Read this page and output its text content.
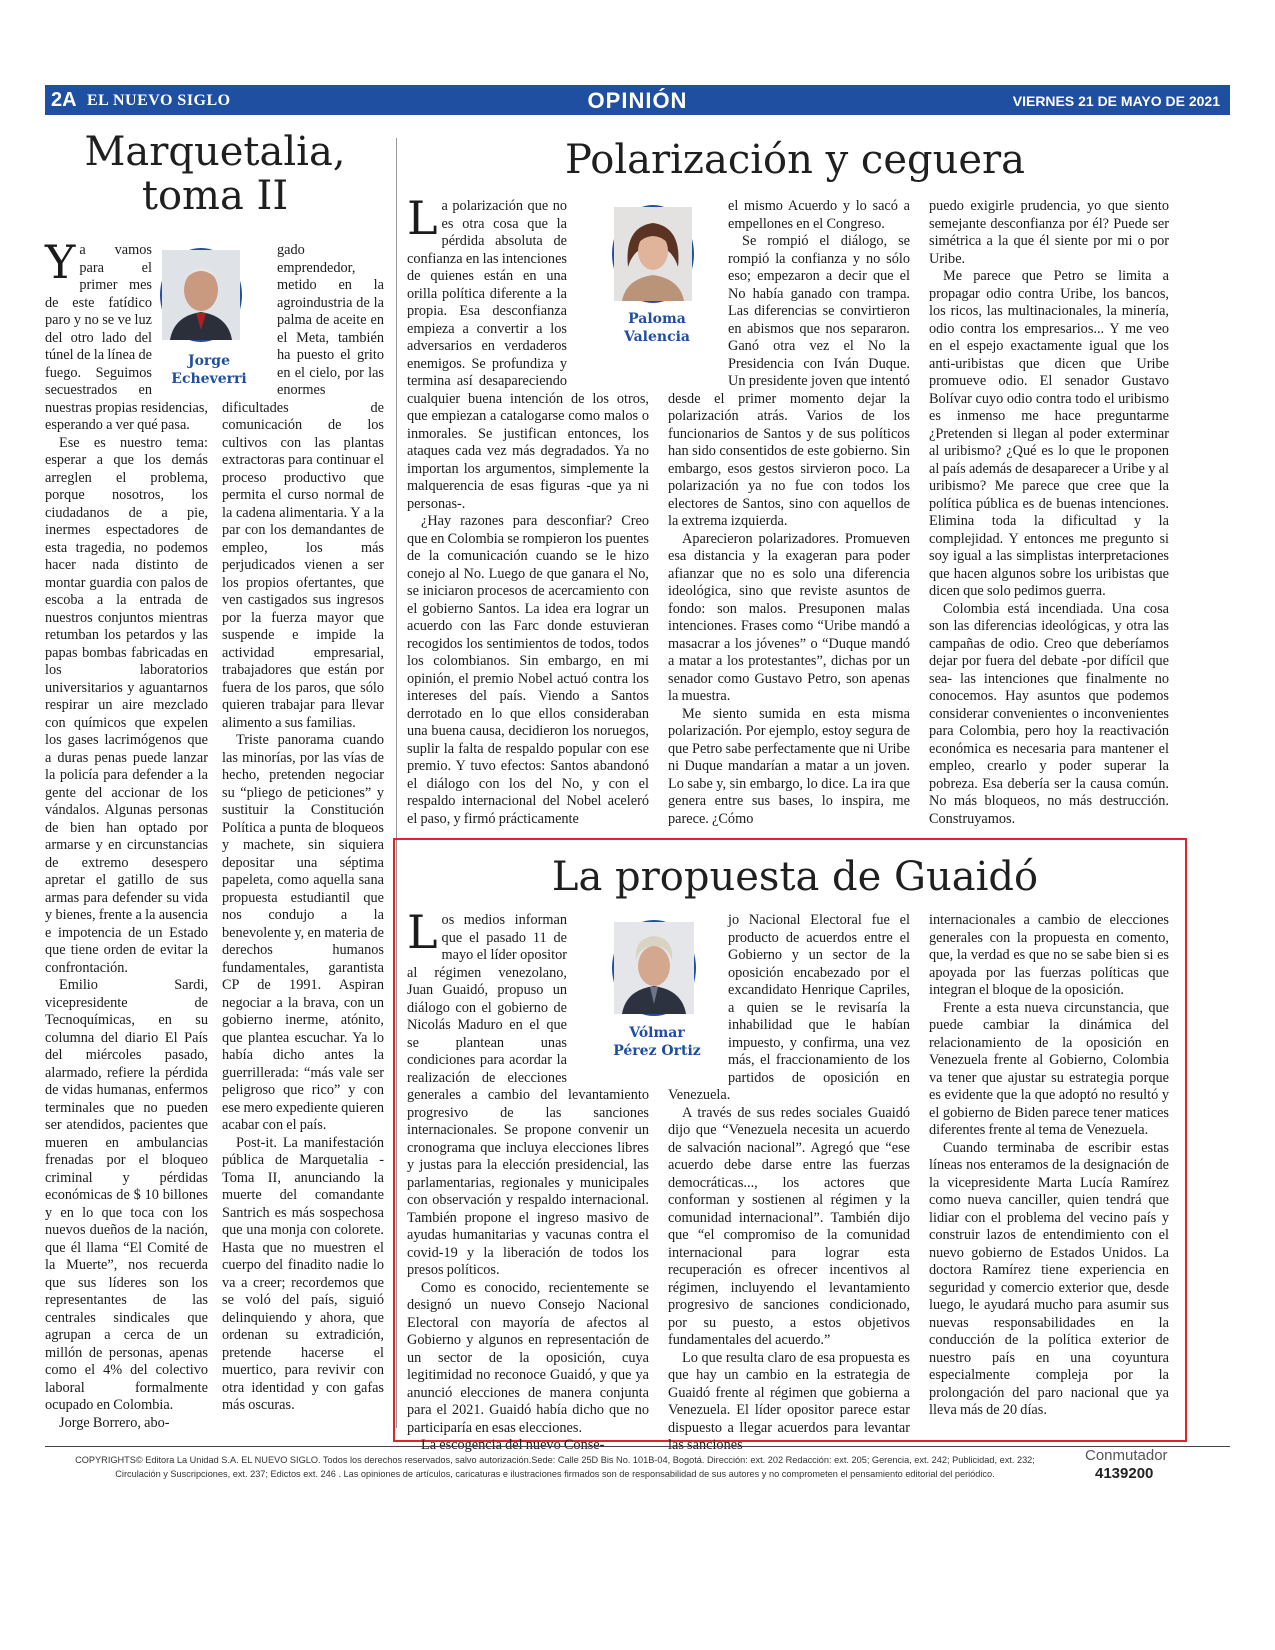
2A EL NUEVO SIGLO	OPINIÓN	VIERNES 21 DE MAYO DE 2021
Marquetalia,
toma II
Jorge
Echeverri
Y a vamos para el primer mes de este fatídico paro y no se ve luz del otro lado del túnel de la línea de fuego. Seguimos secuestrados en nuestras propias residencias, esperando a ver qué pasa.

Ese es nuestro tema: esperar a que los demás arreglen el problema, porque nosotros, los ciudadanos de a pie, inermes espectadores de esta tragedia, no podemos hacer nada distinto de montar guardia con palos de escoba a la entrada de nuestros conjuntos mientras retumban los petardos y las papas bombas fabricadas en los laboratorios universitarios y aguantarnos respirar un aire mezclado con químicos que expelen los gases lacrimógenos que a duras penas puede lanzar la policía para defender a la gente del accionar de los vándalos. Algunas personas de bien han optado por armarse y en circunstancias de extremo desespero apretar el gatillo de sus armas para defender su vida y bienes, frente a la ausencia e impotencia de un Estado que tiene orden de evitar la confrontación.

Emilio Sardi, vicepresidente de Tecnoquímicas, en su columna del diario El País del miércoles pasado, alarmado, refiere la pérdida de vidas humanas, enfermos terminales que no pueden ser atendidos, pacientes que mueren en ambulancias frenadas por el bloqueo criminal y pérdidas económicas de $ 10 billones y en lo que toca con los nuevos dueños de la nación, que él llama “El Comité de la Muerte”, nos recuerda que sus líderes son los representantes de las centrales sindicales que agrupan a cerca de un millón de personas, apenas como el 4% del colectivo laboral formalmente ocupado en Colombia.

Jorge Borrero, abo-

gado emprendedor, metido en la agroindustria de la palma de aceite en el Meta, también ha puesto el grito en el cielo, por las enormes dificultades de comunicación de los cultivos con las plantas extractoras para continuar el proceso productivo que permita el curso normal de la cadena alimentaria. Y a la par con los demandantes de empleo, los más perjudicados vienen a ser los propios ofertantes, que ven castigados sus ingresos por la fuerza mayor que suspende e impide la actividad empresarial, trabajadores que están por fuera de los paros, que sólo quieren trabajar para llevar alimento a sus familias.

Triste panorama cuando las minorías, por las vías de hecho, pretenden negociar su “pliego de peticiones” y sustituir la Constitución Política a punta de bloqueos y machete, sin siquiera depositar una séptima papeleta, como aquella sana propuesta estudiantil que nos condujo a la benevolente y, en materia de derechos humanos fundamentales, garantista CP de 1991. Aspiran negociar a la brava, con un gobierno inerme, atónito, que plantea escuchar. Ya lo había dicho antes la guerrillerada: “más vale ser peligroso que rico” y con ese mero expediente quieren acabar con el país.

Post-it. La manifestación pública de Marquetalia - Toma II, anunciando la muerte del comandante Santrich es más sospechosa que una monja con colorete. Hasta que no muestren el cuerpo del finadito nadie lo va a creer; recordemos que se voló del país, siguió delinquiendo y ahora, que ordenan su extradición, pretende hacerse el muertico, para revivir con otra identidad y con gafas más oscuras.

Polarización y ceguera
Paloma
Valencia
L a polarización que no es otra cosa que la pérdida absoluta de confianza en las intenciones de quienes están en una orilla política diferente a la propia. Esa desconfianza empieza a convertir a los adversarios en verdaderos enemigos. Se profundiza y termina así desapareciendo cualquier buena intención de los otros, que empiezan a catalogarse como malos o inmorales. Se justifican entonces, los ataques cada vez más degradados. Ya no importan los argumentos, simplemente la malquerencia de esas figuras -que ya ni personas-.

¿Hay razones para desconfiar? Creo que en Colombia se rompieron los puentes de la comunicación cuando se le hizo conejo al No. Luego de que ganara el No, se iniciaron procesos de acercamiento con el gobierno Santos. La idea era lograr un acuerdo con las Farc donde estuvieran recogidos los sentimientos de todos, todos los colombianos. Sin embargo, en mi opinión, el premio Nobel actuó contra los intereses del país. Viendo a Santos derrotado en lo que ellos consideraban una buena causa, decidieron los noruegos, suplir la falta de respaldo popular con ese premio. Y tuvo efectos: Santos abandonó el diálogo con los del No, y con el respaldo internacional del Nobel aceleró el paso, y firmó prácticamente

el mismo Acuerdo y lo sacó a empellones en el Congreso.

Se rompió el diálogo, se rompió la confianza y no sólo eso; empezaron a decir que el No había ganado con trampa. Las diferencias se convirtieron en abismos que nos separaron. Ganó otra vez el No la Presidencia con Iván Duque. Un presidente joven que intentó desde el primer momento dejar la polarización atrás. Varios de los funcionarios de Santos y de sus políticos han sido consentidos de este gobierno. Sin embargo, esos gestos sirvieron poco. La polarización ya no fue con todos los electores de Santos, sino con aquellos de la extrema izquierda.

Aparecieron polarizadores. Promueven esa distancia y la exageran para poder afianzar que no es solo una diferencia ideológica, sino que reviste asuntos de fondo: son malos. Presuponen malas intenciones. Frases como “Uribe mandó a masacrar a los jóvenes” o “Duque mandó a matar a los protestantes”, dichas por un senador como Gustavo Petro, son apenas la muestra.

Me siento sumida en esta misma polarización. Por ejemplo, estoy segura de que Petro sabe perfectamente que ni Uribe ni Duque mandarían a matar a un joven. Lo sabe y, sin embargo, lo dice. La ira que genera entre sus bases, lo inspira, me parece. ¿Cómo

puedo exigirle prudencia, yo que siento semejante desconfianza por él? Puede ser simétrica a la que él siente por mi o por Uribe.

Me parece que Petro se limita a propagar odio contra Uribe, los bancos, los ricos, las multinacionales, la minería, odio contra los empresarios... Y me veo en el espejo exactamente igual que los anti-uribistas que dicen que Uribe promueve odio. El senador Gustavo Bolívar cuyo odio contra todo el uribismo es inmenso me hace preguntarme ¿Pretenden si llegan al poder exterminar al uribismo? ¿Qué es lo que le proponen al país además de desaparecer a Uribe y al uribismo? Me parece que cree que la política pública es de buenas intenciones. Elimina toda la dificultad y la complejidad. Y entonces me pregunto si soy igual a las simplistas interpretaciones que hacen algunos sobre los uribistas que dicen que solo pedimos guerra.

Colombia está incendiada. Una cosa son las diferencias ideológicas, y otra las campañas de odio. Creo que deberíamos dejar por fuera del debate -por difícil que sea- las intenciones que finalmente no conocemos. Hay asuntos que podemos considerar convenientes o inconvenientes para Colombia, pero hoy la reactivación económica es necesaria para mantener el empleo, crearlo y poder superar la pobreza. Esa debería ser la causa común. No más bloqueos, no más destrucción. Construyamos.

La propuesta de Guaidó
Vólmar
Pérez Ortiz
L os medios informan que el pasado 11 de mayo el líder opositor al régimen venezolano, Juan Guaidó, propuso un diálogo con el gobierno de Nicolás Maduro en el que se plantean unas condiciones para acordar la realización de elecciones generales a cambio del levantamiento progresivo de las sanciones internacionales. Se propone convenir un cronograma que incluya elecciones libres y justas para la elección presidencial, las parlamentarias, regionales y municipales con observación y respaldo internacional. También propone el ingreso masivo de ayudas humanitarias y vacunas contra el covid-19 y la liberación de todos los presos políticos.

Como es conocido, recientemente se designó un nuevo Consejo Nacional Electoral con mayoría de afectos al Gobierno y algunos en representación de un sector de la oposición, cuya legitimidad no reconoce Guaidó, y que ya anunció elecciones de manera conjunta para el 2021. Guaidó había dicho que no participaría en esas elecciones.

La escogencia del nuevo Conse-

jo Nacional Electoral fue el producto de acuerdos entre el Gobierno y un sector de la oposición encabezado por el excandidato Henrique Capriles, a quien se le revisaría la inhabilidad que le habían impuesto, y confirma, una vez más, el fraccionamiento de los partidos de oposición en Venezuela.

A través de sus redes sociales Guaidó dijo que “Venezuela necesita un acuerdo de salvación nacional”. Agregó que “ese acuerdo debe darse entre las fuerzas democráticas..., los actores que conforman y sostienen al régimen y la comunidad internacional”. También dijo que “el compromiso de la comunidad internacional para lograr esta recuperación es ofrecer incentivos al régimen, incluyendo el levantamiento progresivo de sanciones condicionado, por su puesto, a estos objetivos fundamentales del acuerdo.”

Lo que resulta claro de esa propuesta es que hay un cambio en la estrategia de Guaidó frente al régimen que gobierna a Venezuela. El líder opositor parece estar dispuesto a llegar acuerdos para levantar las sanciones

internacionales a cambio de elecciones generales con la propuesta en comento, que, la verdad es que no se sabe bien si es apoyada por las fuerzas políticas que integran el bloque de la oposición.

Frente a esta nueva circunstancia, que puede cambiar la dinámica del relacionamiento de la oposición en Venezuela frente al Gobierno, Colombia va tener que ajustar su estrategia porque es evidente que la que adoptó no resultó y el gobierno de Biden parece tener matices diferentes frente al tema de Venezuela.

Cuando terminaba de escribir estas líneas nos enteramos de la designación de la vicepresidente Marta Lucía Ramírez como nueva canciller, quien tendrá que lidiar con el problema del vecino país y construir lazos de entendimiento con el nuevo gobierno de Estados Unidos. La doctora Ramírez tiene experiencia en seguridad y comercio exterior que, desde luego, le ayudará mucho para asumir sus nuevas responsabilidades en la conducción de la política exterior de nuestro país en una coyuntura especialmente compleja por la prolongación del paro nacional que ya lleva más de 20 días.

COPYRIGHTS© Editora La Unidad S.A. EL NUEVO SIGLO. Todos los derechos reservados, salvo autorización.Sede: Calle 25D Bis No. 101B-04, Bogotá. Dirección: ext. 202 Redacción: ext. 205; Gerencia, ext. 242; Publicidad, ext. 232;
Circulación y Suscripciones, ext. 237; Edictos ext. 246 . Las opiniones de artículos, caricaturas e ilustraciones firmados son de responsabilidad de sus autores y no comprometen el pensamiento editorial del periódico.
Conmutador
4139200
